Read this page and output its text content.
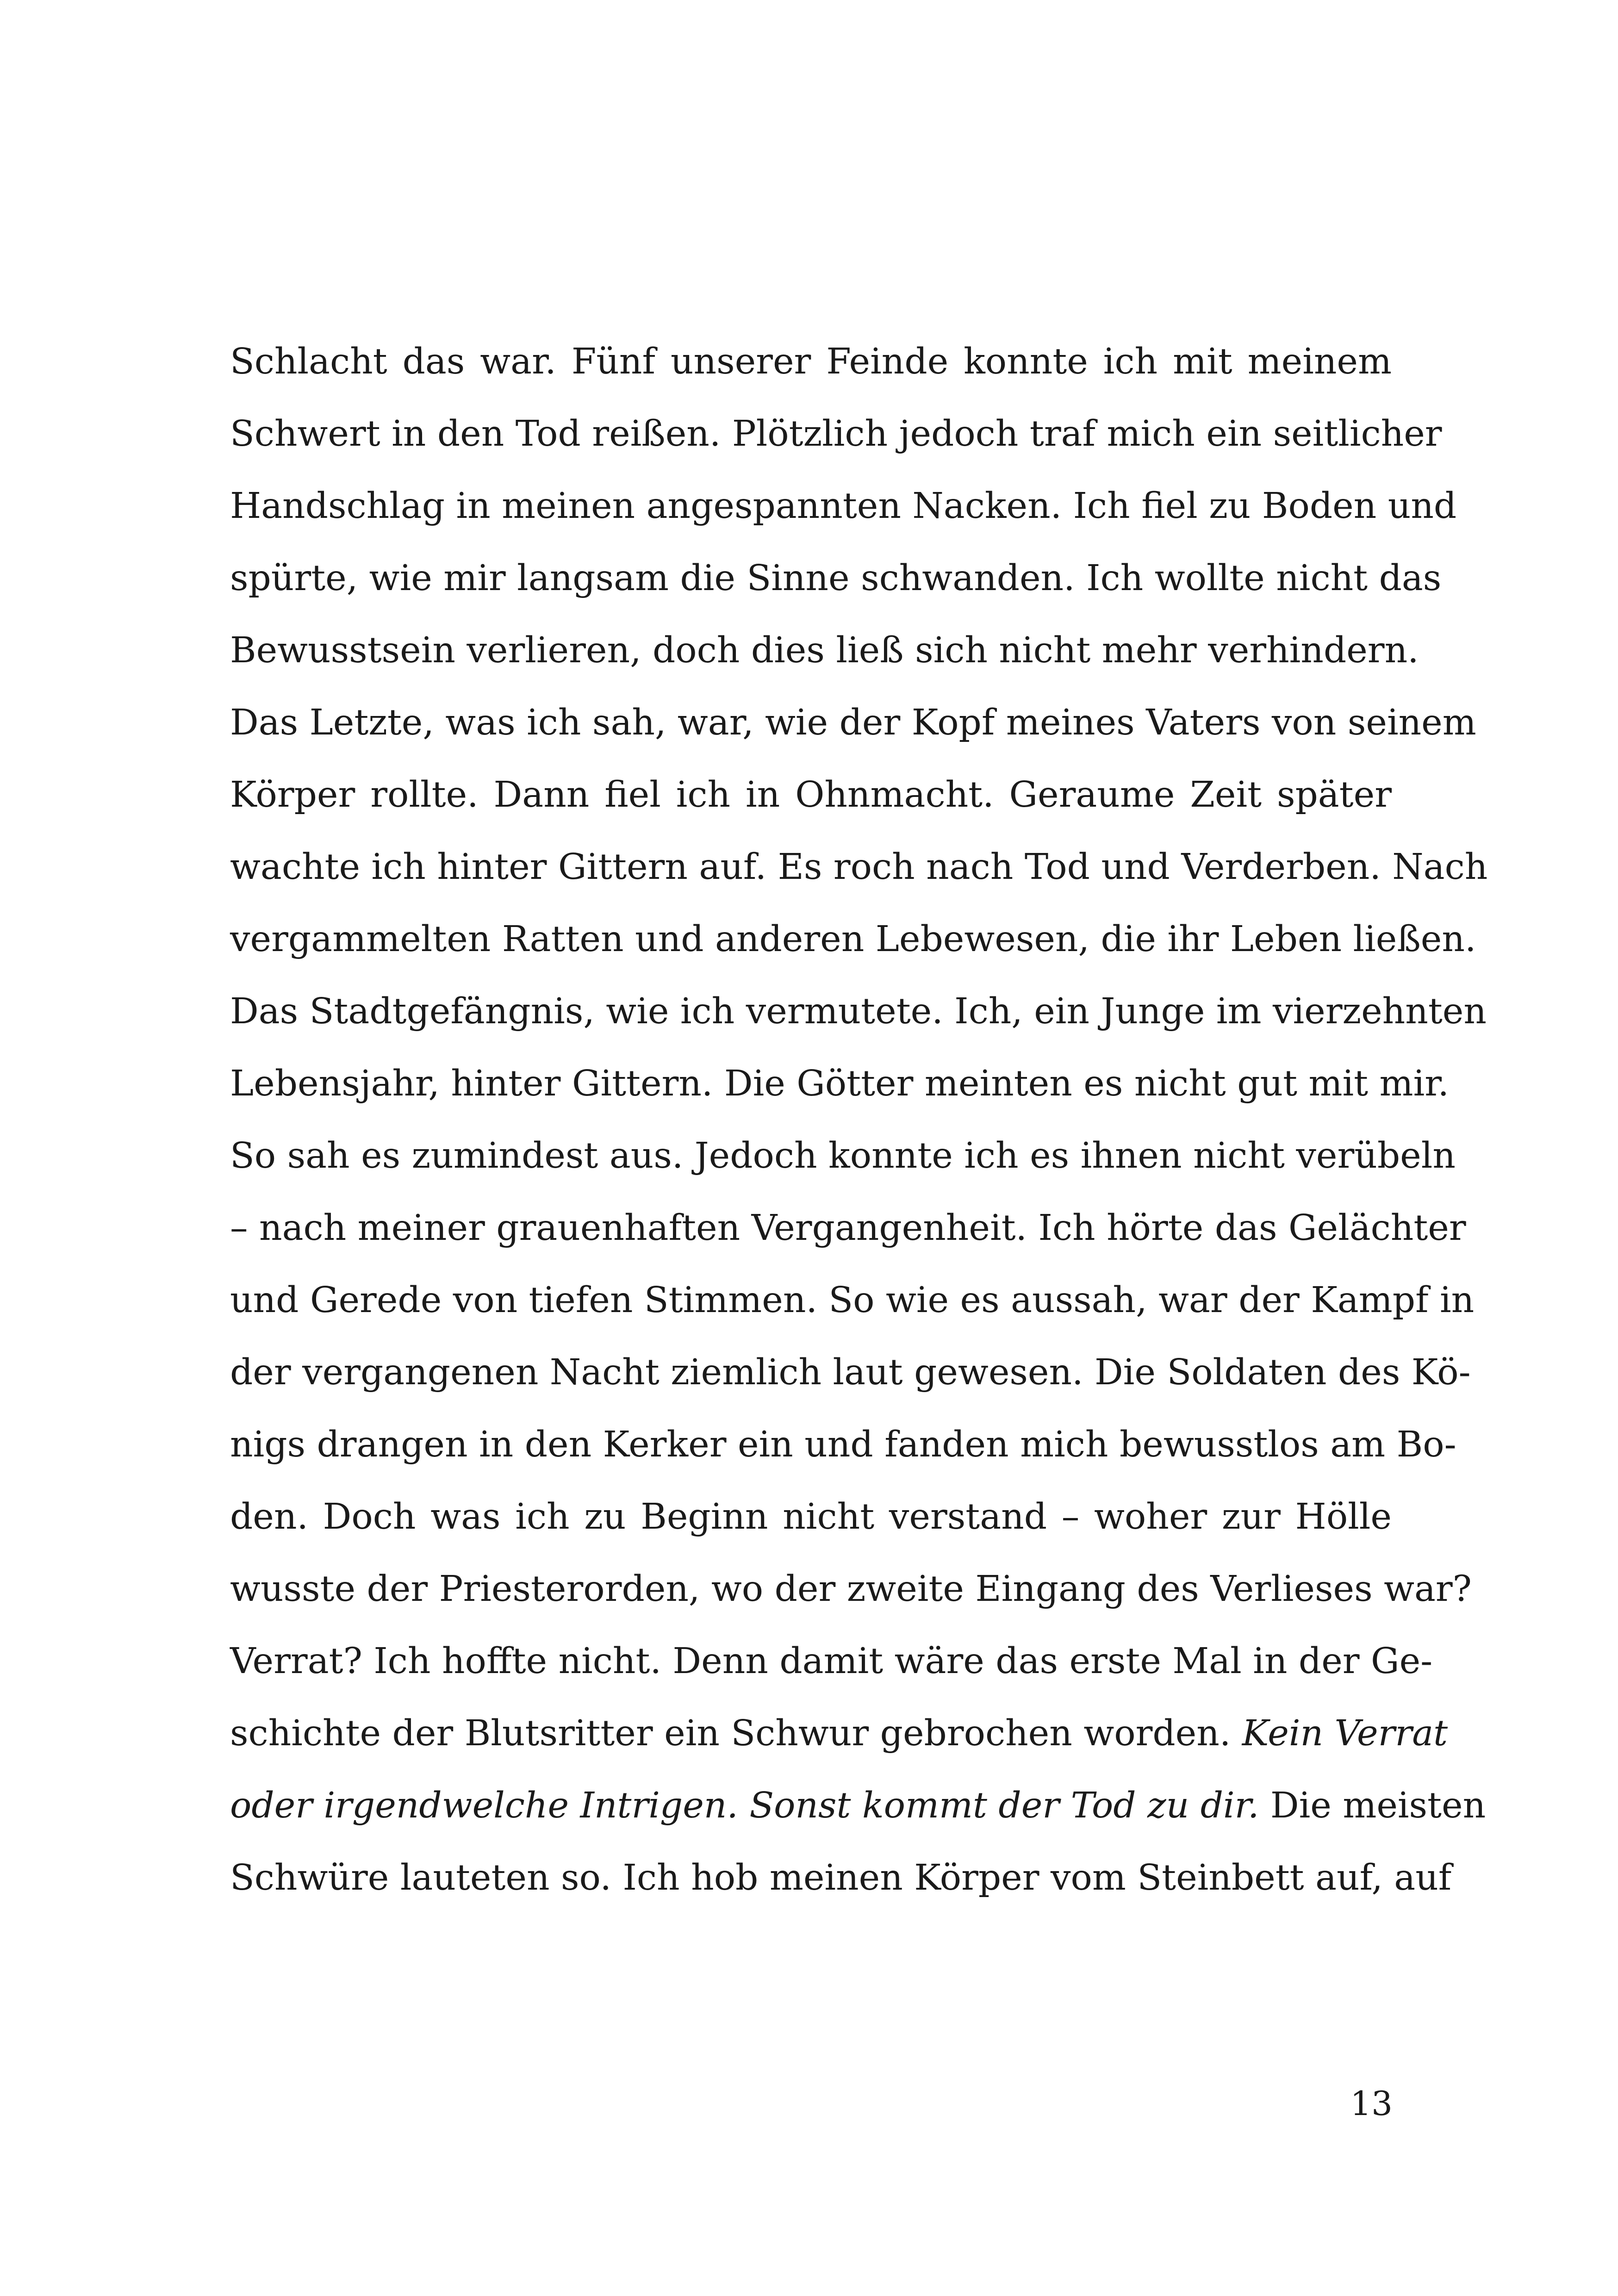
Schlacht das war. Fünf unserer Feinde konnte ich mit meinem
Schwert in den Tod reißen. Plötzlich jedoch traf mich ein seitlicher
Handschlag in meinen angespannten Nacken. Ich fiel zu Boden und
spürte, wie mir langsam die Sinne schwanden. Ich wollte nicht das
Bewusstsein verlieren, doch dies ließ sich nicht mehr verhindern.
Das Letzte, was ich sah, war, wie der Kopf meines Vaters von seinem
Körper rollte. Dann fiel ich in Ohnmacht. Geraume Zeit später
wachte ich hinter Gittern auf. Es roch nach Tod und Verderben. Nach
vergammelten Ratten und anderen Lebewesen, die ihr Leben ließen.
Das Stadtgefängnis, wie ich vermutete. Ich, ein Junge im vierzehnten
Lebensjahr, hinter Gittern. Die Götter meinten es nicht gut mit mir.
So sah es zumindest aus. Jedoch konnte ich es ihnen nicht verübeln
– nach meiner grauenhaften Vergangenheit. Ich hörte das Gelächter
und Gerede von tiefen Stimmen. So wie es aussah, war der Kampf in
der vergangenen Nacht ziemlich laut gewesen. Die Soldaten des Kö-
nigs drangen in den Kerker ein und fanden mich bewusstlos am Bo-
den. Doch was ich zu Beginn nicht verstand – woher zur Hölle
wusste der Priesterorden, wo der zweite Eingang des Verlieses war?
Verrat? Ich hoffte nicht. Denn damit wäre das erste Mal in der Ge-
schichte der Blutsritter ein Schwur gebrochen worden. Kein Verrat
oder irgendwelche Intrigen. Sonst kommt der Tod zu dir. Die meisten
Schwüre lauteten so. Ich hob meinen Körper vom Steinbett auf, auf
13
